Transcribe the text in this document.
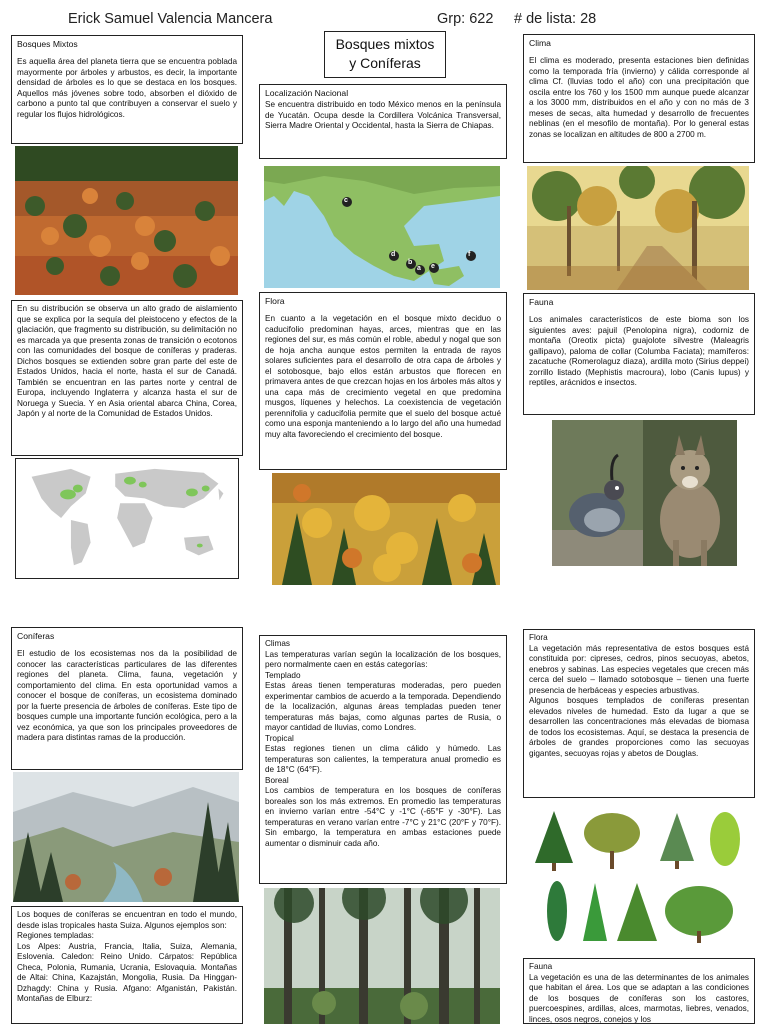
Erick Samuel Valencia Mancera	Grp: 622 # de lista: 28
Bosques mixtos
y Coníferas
Bosques Mixtos
Es aquella área del planeta tierra que se encuentra poblada mayormente por árboles y arbustos, es decir, la importante densidad de árboles es lo que se destaca en los bosques. Aquellos más jóvenes sobre todo, absorben el dióxido de carbono a punto tal que contribuyen a conservar el suelo y regular los flujos hidrológicos.
En su distribución se observa un alto grado de aislamiento que se explica por la sequía del pleistoceno y efectos de la glaciación, que fragmento su distribución, su delimitación no es marcada ya que presenta zonas de transición o ecotonos con las comunidades del bosque de coníferas y praderas. Dichos bosques se extienden sobre gran parte del este de Estados Unidos, hacia el norte, hasta el sur de Canadá. También se encuentran en las partes norte y central de Europa, incluyendo Inglaterra y alcanza hasta el sur de Noruega y Suecia. Y en Asia oriental abarca China, Corea, Japón y al norte de la Comunidad de Estados Unidos.
Localización Nacional
Se encuentra distribuido en todo México menos en la península de Yucatán. Ocupa desde la Cordillera Volcánica Transversal, Sierra Madre Oriental y Occidental, hasta la Sierra de Chiapas.
c
d
b
a e
f
Flora
En cuanto a la vegetación en el bosque mixto deciduo o caducifolio predominan hayas, arces, mientras que en las regiones del sur, es más común el roble, abedul y nogal que son de hoja ancha aunque estos permiten la entrada de rayos solares suficientes para el desarrollo de otra capa de árboles y el sotobosque, bajo ellos están arbustos que florecen en primavera antes de que crezcan hojas en los árboles más altos y una capa más de crecimiento vegetal en que predomina musgos, líquenes y helechos. La coexistencia de vegetación perennifolia y caducifolia permite que el suelo del bosque actué como una esponja manteniendo a lo largo del año una humedad muy alta favoreciendo el crecimiento del bosque.
Clima
El clima es moderado, presenta estaciones bien definidas como la temporada fría (invierno) y cálida corresponde al clima Cf. (lluvias todo el año) con una precipitación que oscila entre los 760 y los 1500 mm aunque puede alcanzar a los 3000 mm, distribuidos en el año y con no más de 3 meses de secas, alta humedad y desarrollo de frecuentes neblinas (en el mesofilo de montaña). Por lo general estas zonas se localizan en altitudes de 800 a 2700 m.
Fauna
Los animales característicos de este bioma son los siguientes aves: pajuil (Penolopina nigra), codorniz de montaña (Oreotix picta) guajolote silvestre (Maleagris gallipavo), paloma de collar (Columba Faciata); mamíferos: zacatuche (Romerolaguz diaza), ardilla moto (Sirius deppei) zorrillo listado (Mephistis macroura), lobo (Canis lupus) y reptiles, arácnidos e insectos.
Coníferas
El estudio de los ecosistemas nos da la posibilidad de conocer las características particulares de las diferentes regiones del planeta. Clima, fauna, vegetación y comportamiento del clima. En esta oportunidad vamos a conocer el bosque de coníferas, un ecosistema dominado por la fuerte presencia de árboles de coníferas. Este tipo de bosques cumple una importante función ecológica, pero a la vez económica, ya que son los principales proveedores de madera para distintas ramas de la producción.
Los boques de coníferas se encuentran en todo el mundo, desde islas tropicales hasta Suiza. Algunos ejemplos son:
Regiones templadas:
Los Alpes: Austria, Francia, Italia, Suiza, Alemania, Eslovenia. Caledon: Reino Unido. Cárpatos: República Checa, Polonia, Rumania, Ucrania, Eslovaquia. Montañas de Altai: China, Kazajstán, Mongolia, Rusia. Da Hinggan-Dzhagdy: China y Rusia. Afgano: Afganistán, Pakistán. Montañas de Elburz:
Climas
Las temperaturas varían según la localización de los bosques, pero normalmente caen en estás categorías:
Templado
Estas áreas tienen temperaturas moderadas, pero pueden experimentar cambios de acuerdo a la temporada. Dependiendo de la localización, algunas áreas templadas pueden tener temperaturas más bajas, como algunas partes de Rusia, o mayor cantidad de lluvias, como Londres.
Tropical
Estas regiones tienen un clima cálido y húmedo. Las temperaturas son calientes, la temperatura anual promedio es de 18°C (64°F).
Boreal
Los cambios de temperatura en los bosques de coníferas boreales son los más extremos. En promedio las temperaturas en invierno varían entre -54°C y -1°C (-65°F y -30°F). Las temperaturas en verano varían entre -7°C y 21°C (20°F y 70°F). Sin embargo, la temperatura en ambas estaciones puede aumentar o disminuir cada año.
Flora
La vegetación más representativa de estos bosques está constituida por: cipreses, cedros, pinos secuoyas, abetos, enebros y sabinas. Las especies vegetales que crecen más cerca del suelo – llamado sotobosque – tienen una fuerte presencia de herbáceas y especies arbustivas.
Algunos bosques templados de coníferas presentan elevados niveles de humedad. Esto da lugar a que se desarrollen las concentraciones más elevadas de biomasa de todos los ecosistemas. Aquí, se destaca la presencia de árboles de grandes proporciones como las secuoyas gigantes, secuoyas rojas y abetos de Douglas.
Fauna
La vegetación es una de las determinantes de los animales que habitan el área. Los que se adaptan a las condiciones de los bosques de coníferas son los castores, puercoespines, ardillas, alces, marmotas, liebres, venados, linces, osos negros, conejos y los
